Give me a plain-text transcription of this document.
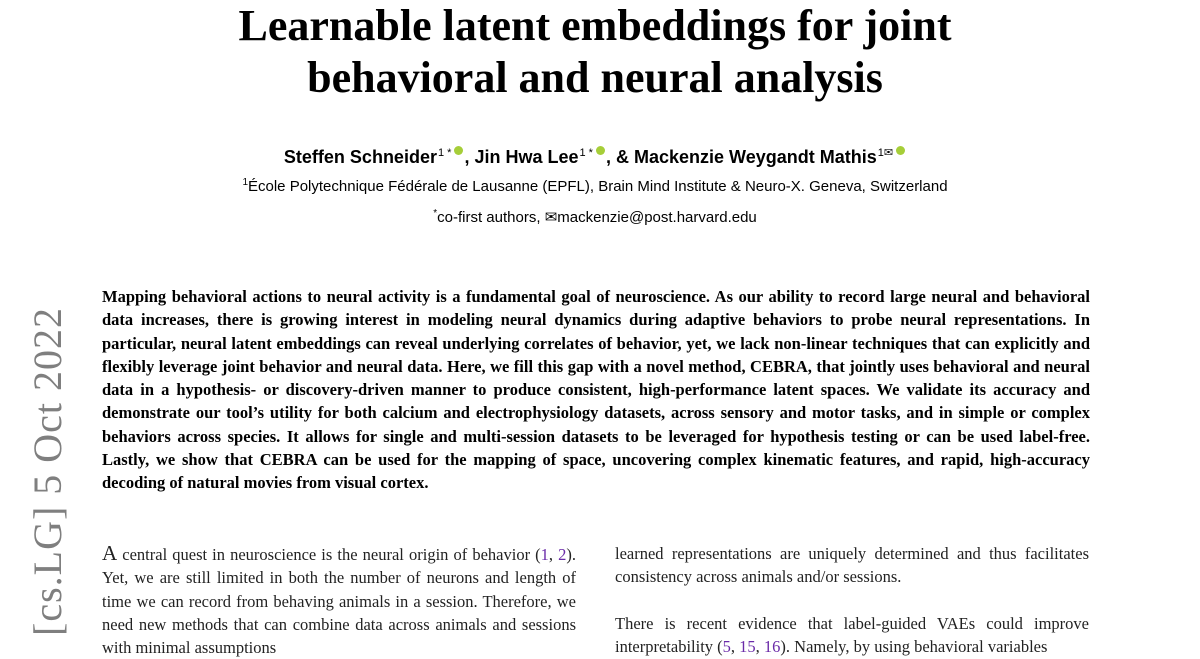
[cs.LG] 5 Oct 2022
Learnable latent embeddings for joint
behavioral and neural analysis
Steffen Schneider$^{1 *}$ , Jin Hwa Lee$^{1 *}$ , & Mackenzie Weygandt Mathis$^{1✉}$
$^1$École Polytechnique Fédérale de Lausanne (EPFL), Brain Mind Institute & Neuro-X. Geneva, Switzerland
*co-first authors, ✉mackenzie@post.harvard.edu
Mapping behavioral actions to neural activity is a fundamental goal of neuroscience. As our ability to record large neural and behavioral data increases, there is growing interest in modeling neural dynamics during adaptive behaviors to probe neural representations. In particular, neural latent embeddings can reveal underlying correlates of behavior, yet, we lack non-linear techniques that can explicitly and flexibly leverage joint behavior and neural data. Here, we fill this gap with a novel method, CEBRA, that jointly uses behavioral and neural data in a hypothesis- or discovery-driven manner to produce consistent, high-performance latent spaces. We validate its accuracy and demonstrate our tool’s utility for both calcium and electrophysiology datasets, across sensory and motor tasks, and in simple or complex behaviors across species. It allows for single and multi-session datasets to be leveraged for hypothesis testing or can be used label-free. Lastly, we show that CEBRA can be used for the mapping of space, uncovering complex kinematic features, and rapid, high-accuracy decoding of natural movies from visual cortex.
A central quest in neuroscience is the neural origin of behavior (1, 2). Yet, we are still limited in both the number of neurons and length of time we can record from behaving animals in a session. Therefore, we need new methods that can combine data across animals and sessions with minimal assumptions
learned representations are uniquely determined and thus facilitates consistency across animals and/or sessions.
There is recent evidence that label-guided VAEs could improve interpretability (5, 15, 16). Namely, by using behavioral variables
